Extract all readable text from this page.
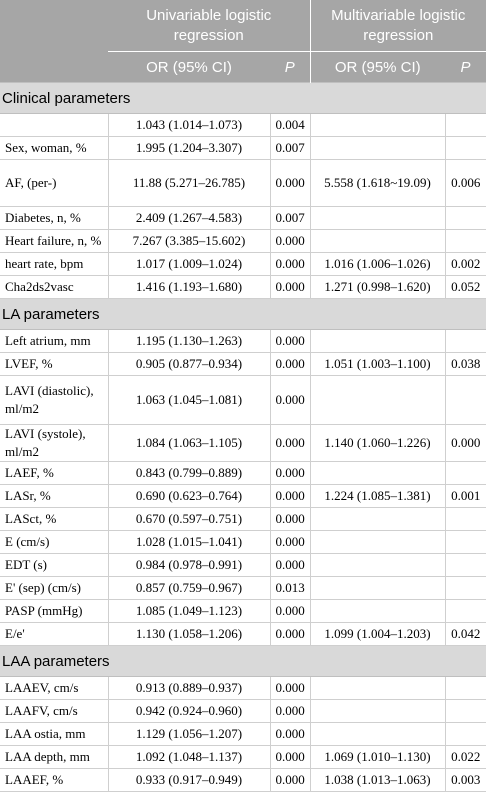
	Univariable logistic regression		Multivariable logistic regression	
	OR (95% CI)	P	OR (95% CI)	P
Clinical parameters				
	1.043 (1.014–1.073)	0.004		
Sex, woman, %	1.995 (1.204–3.307)	0.007		
AF, (per-)	11.88 (5.271–26.785)	0.000	5.558 (1.618~19.09)	0.006
Diabetes, n, %	2.409 (1.267–4.583)	0.007		
Heart failure, n, %	7.267 (3.385–15.602)	0.000		
heart rate, bpm	1.017 (1.009–1.024)	0.000	1.016 (1.006–1.026)	0.002
Cha2ds2vasc	1.416 (1.193–1.680)	0.000	1.271 (0.998–1.620)	0.052
LA parameters				
Left atrium, mm	1.195 (1.130–1.263)	0.000		
LVEF, %	0.905 (0.877–0.934)	0.000	1.051 (1.003–1.100)	0.038
LAVI (diastolic), ml/m2	1.063 (1.045–1.081)	0.000		
LAVI (systole), ml/m2	1.084 (1.063–1.105)	0.000	1.140 (1.060–1.226)	0.000
LAEF, %	0.843 (0.799–0.889)	0.000		
LASr, %	0.690 (0.623–0.764)	0.000	1.224 (1.085–1.381)	0.001
LASct, %	0.670 (0.597–0.751)	0.000		
E (cm/s)	1.028 (1.015–1.041)	0.000		
EDT (s)	0.984 (0.978–0.991)	0.000		
E' (sep) (cm/s)	0.857 (0.759–0.967)	0.013		
PASP (mmHg)	1.085 (1.049–1.123)	0.000		
E/e'	1.130 (1.058–1.206)	0.000	1.099 (1.004–1.203)	0.042
LAA parameters				
LAAEV, cm/s	0.913 (0.889–0.937)	0.000		
LAAFV, cm/s	0.942 (0.924–0.960)	0.000		
LAA ostia, mm	1.129 (1.056–1.207)	0.000		
LAA depth, mm	1.092 (1.048–1.137)	0.000	1.069 (1.010–1.130)	0.022
LAAEF, %	0.933 (0.917–0.949)	0.000	1.038 (1.013–1.063)	0.003
